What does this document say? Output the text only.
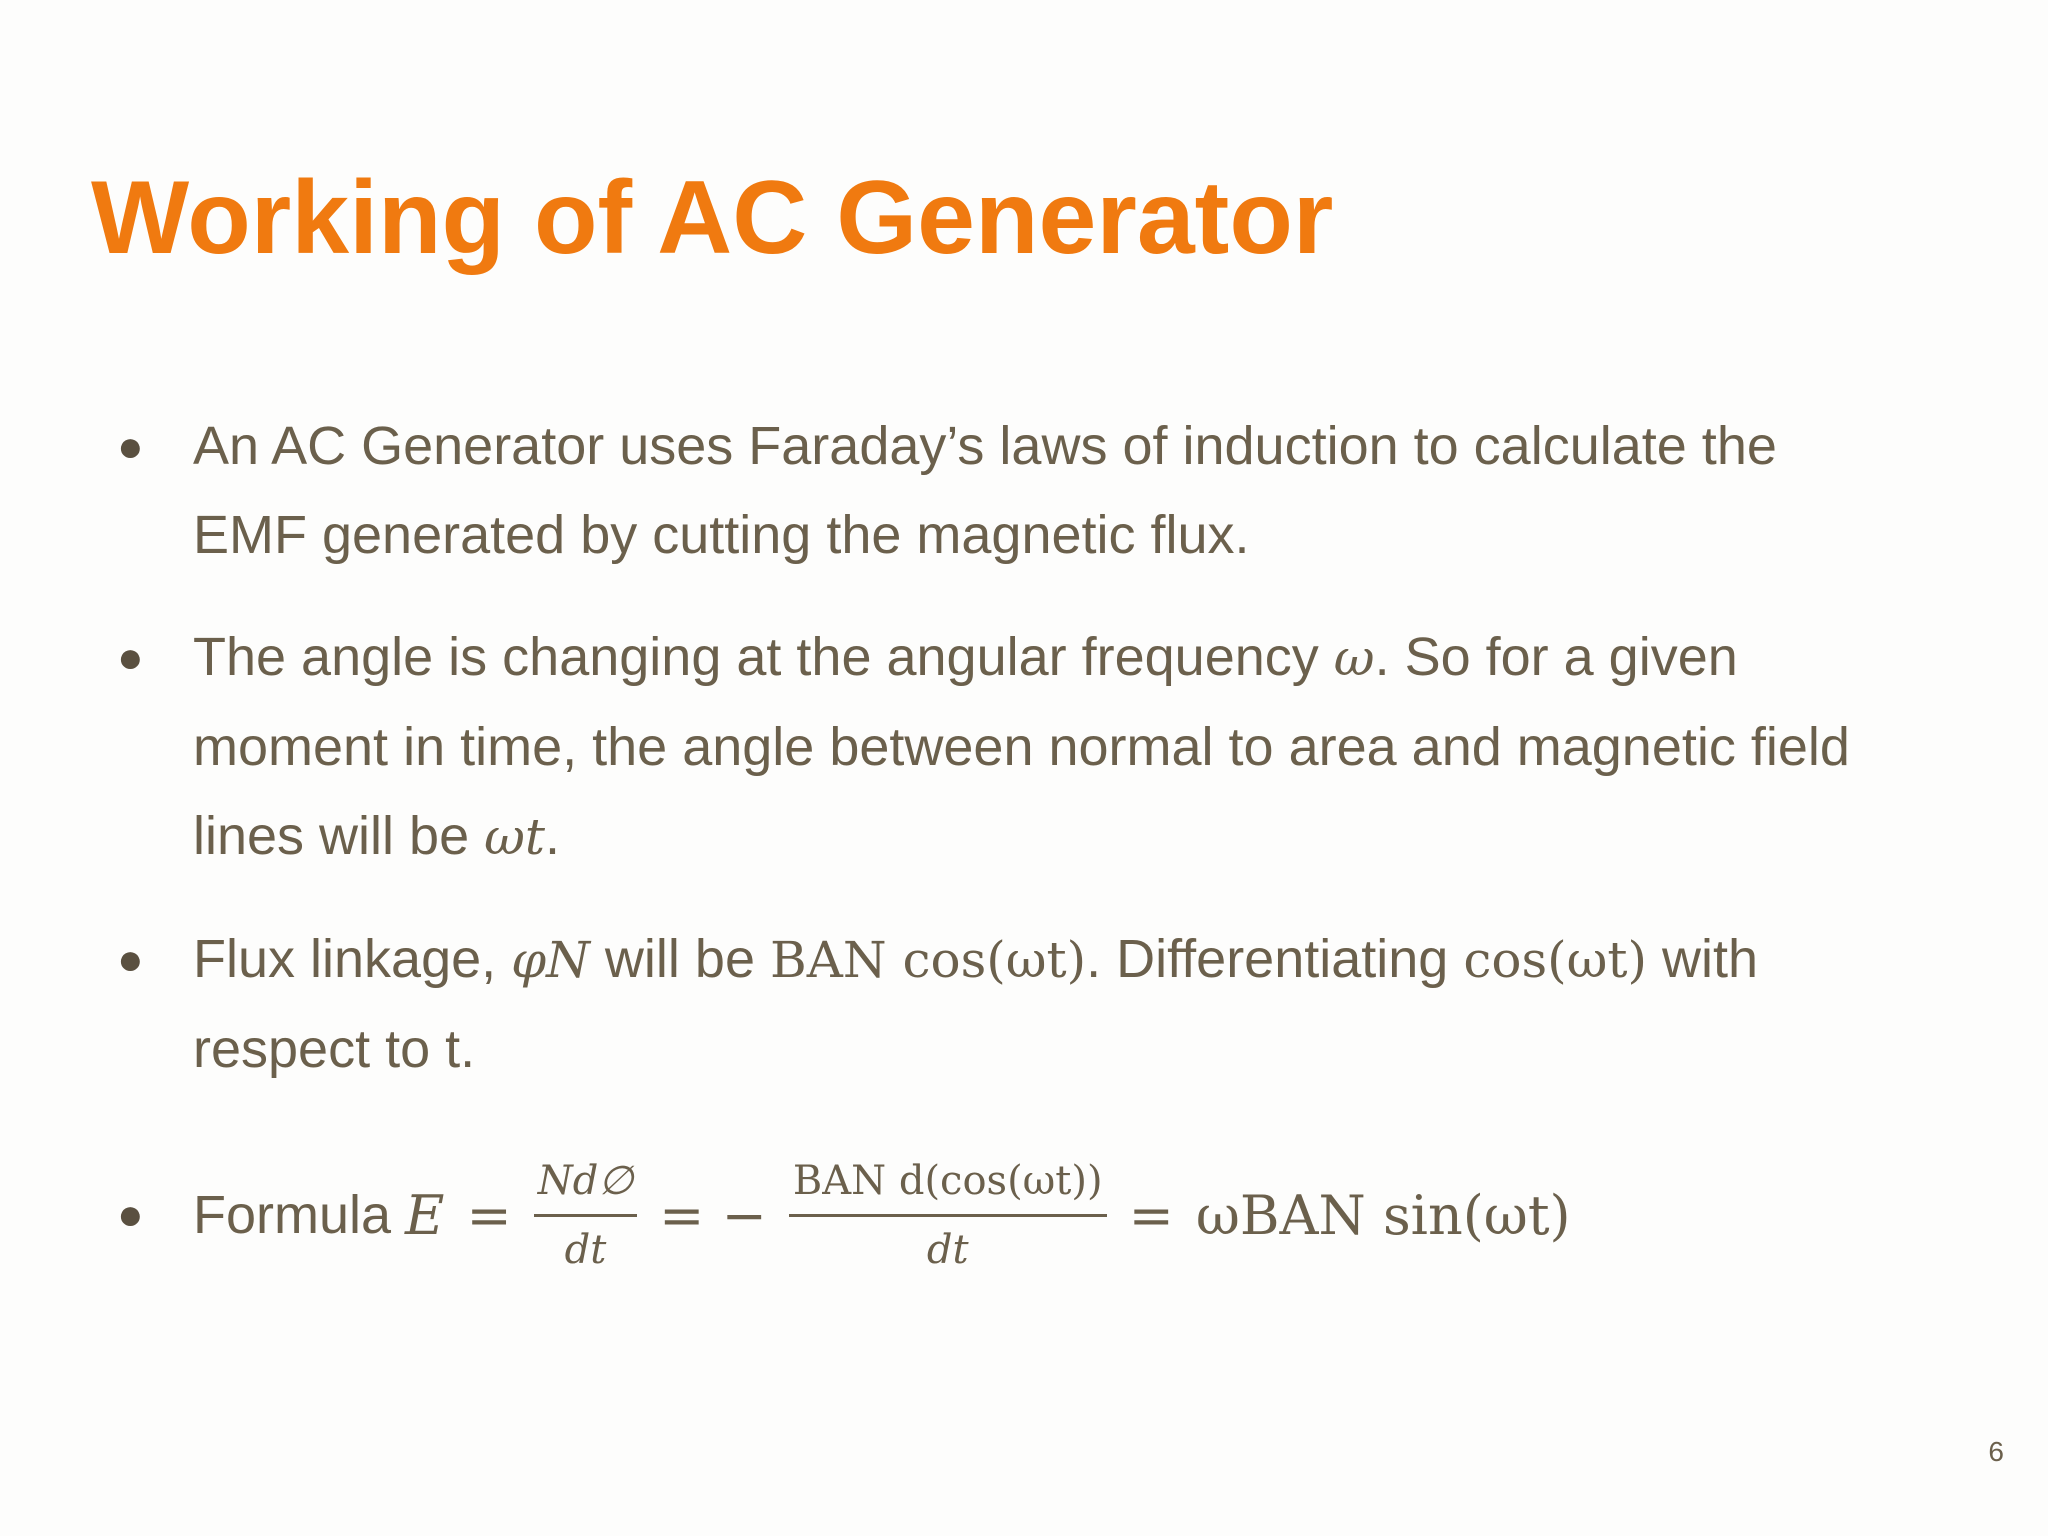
Working of AC Generator
● An AC Generator uses Faraday’s laws of induction to calculate the
EMF generated by cutting the magnetic flux.
● The angle is changing at the angular frequency ω. So for a given
moment in time, the angle between normal to area and magnetic field
lines will be ωt.
● Flux linkage, φN will be BAN cos(ωt). Differentiating cos(ωt) with
respect to t.
● Formula $E = \frac{Nd\emptyset}{dt}$ = − $\frac{\text{BAN d(cos(ωt))}}{dt} = \omega BAN$ sin(ωt)
6
